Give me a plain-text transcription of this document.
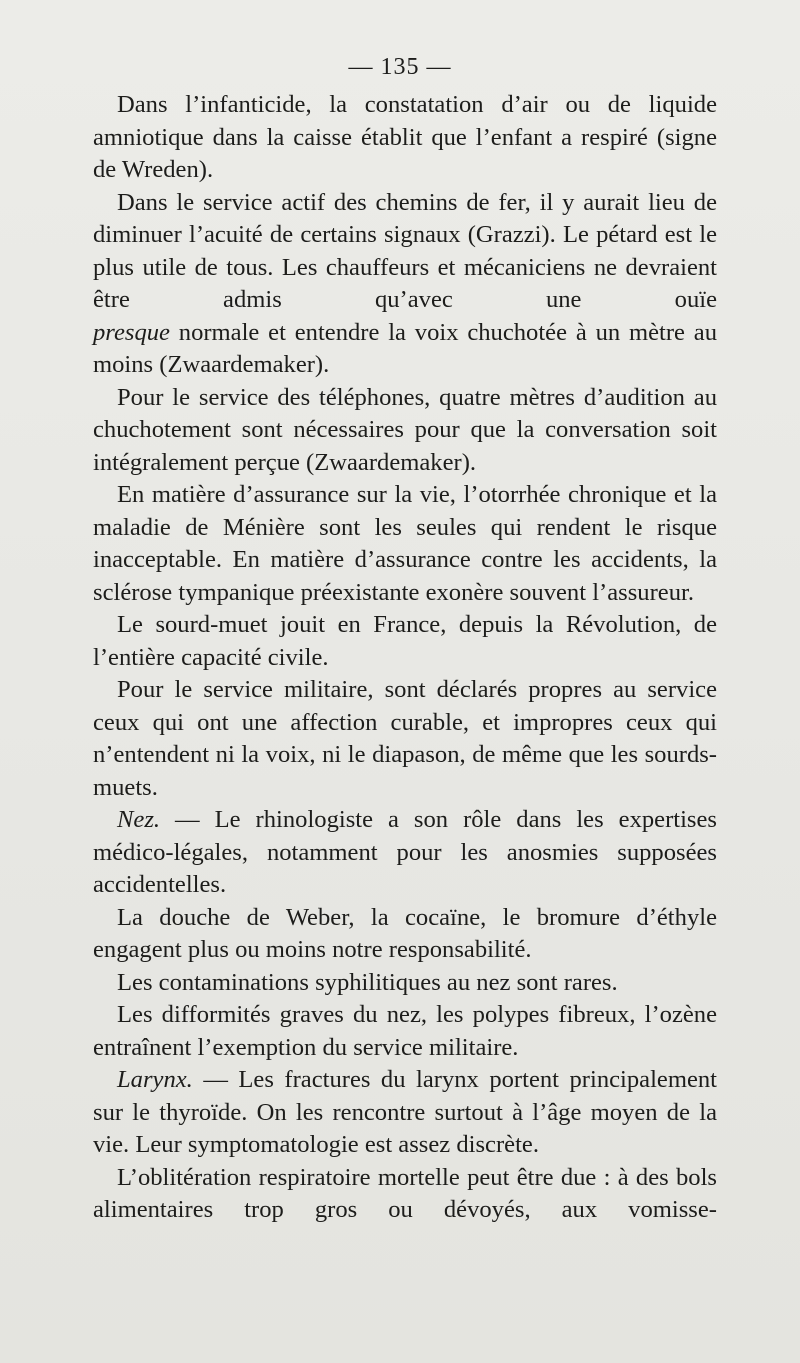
— 135 —

Dans l’infanticide, la constatation d’air ou de liquide amniotique dans la caisse établit que l’enfant a respiré (signe de Wreden).

Dans le service actif des chemins de fer, il y aurait lieu de diminuer l’acuité de certains signaux (Grazzi). Le pétard est le plus utile de tous. Les chauffeurs et mécaniciens ne devraient être admis qu’avec une ouïe

presque normale et entendre la voix chuchotée à un mètre au moins (Zwaardemaker).

Pour le service des téléphones, quatre mètres d’audition au chuchotement sont nécessaires pour que la conversation soit intégralement perçue (Zwaardemaker).

En matière d’assurance sur la vie, l’otorrhée chronique et la maladie de Ménière sont les seules qui rendent le risque inacceptable. En matière d’assurance contre les accidents, la sclérose tympanique préexistante exonère souvent l’assureur.

Le sourd-muet jouit en France, depuis la Révolution, de l’entière capacité civile.

Pour le service militaire, sont déclarés propres au service ceux qui ont une affection curable, et impropres ceux qui n’entendent ni la voix, ni le diapason, de même que les sourds-muets.

Nez. — Le rhinologiste a son rôle dans les expertises médico-légales, notamment pour les anosmies supposées accidentelles.

La douche de Weber, la cocaïne, le bromure d’éthyle engagent plus ou moins notre responsabilité.

Les contaminations syphilitiques au nez sont rares.

Les difformités graves du nez, les polypes fibreux, l’ozène entraînent l’exemption du service militaire.

Larynx. — Les fractures du larynx portent principalement sur le thyroïde. On les rencontre surtout à l’âge moyen de la vie. Leur symptomatologie est assez discrète.

L’oblitération respiratoire mortelle peut être due : à des bols alimentaires trop gros ou dévoyés, aux vomisse-
